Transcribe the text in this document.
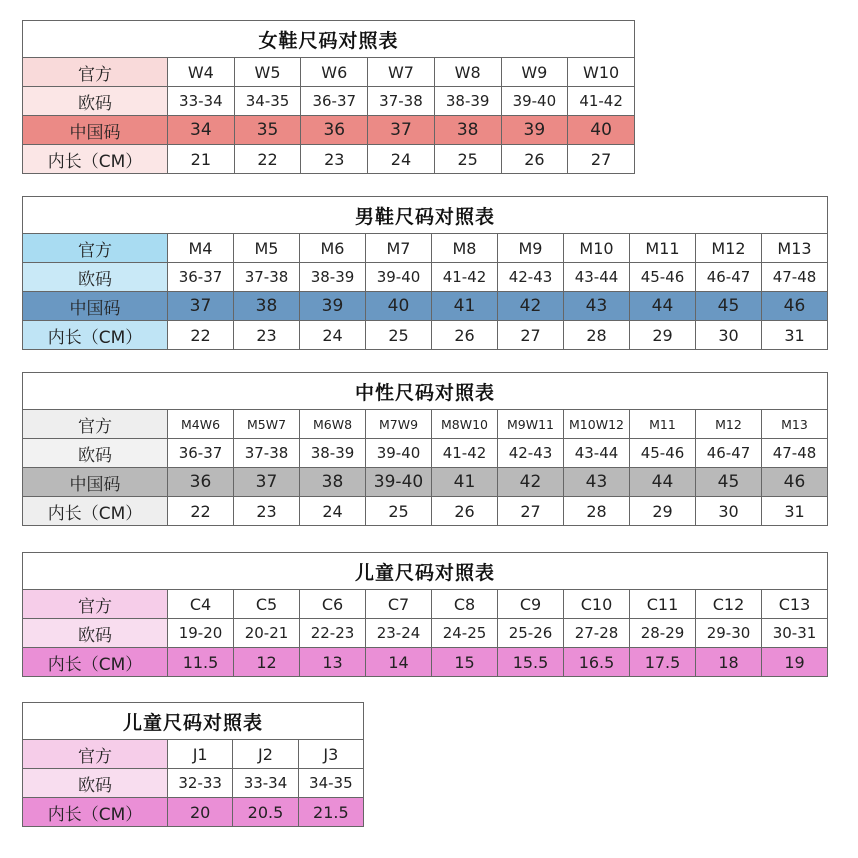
女鞋尺码对照表							
官方	W4	W5	W6	W7	W8	W9	W10
欧码	33-34	34-35	36-37	37-38	38-39	39-40	41-42
中国码	34	35	36	37	38	39	40
内长（CM）	21	22	23	24	25	26	27
男鞋尺码对照表										
官方	M4	M5	M6	M7	M8	M9	M10	M11	M12	M13
欧码	36-37	37-38	38-39	39-40	41-42	42-43	43-44	45-46	46-47	47-48
中国码	37	38	39	40	41	42	43	44	45	46
内长（CM）	22	23	24	25	26	27	28	29	30	31
中性尺码对照表										
官方	M4W6	M5W7	M6W8	M7W9	M8W10	M9W11	M10W12	M11	M12	M13
欧码	36-37	37-38	38-39	39-40	41-42	42-43	43-44	45-46	46-47	47-48
中国码	36	37	38	39-40	41	42	43	44	45	46
内长（CM）	22	23	24	25	26	27	28	29	30	31
儿童尺码对照表										
官方	C4	C5	C6	C7	C8	C9	C10	C11	C12	C13
欧码	19-20	20-21	22-23	23-24	24-25	25-26	27-28	28-29	29-30	30-31
内长（CM）	11.5	12	13	14	15	15.5	16.5	17.5	18	19
儿童尺码对照表			
官方	J1	J2	J3
欧码	32-33	33-34	34-35
内长（CM）	20	20.5	21.5
